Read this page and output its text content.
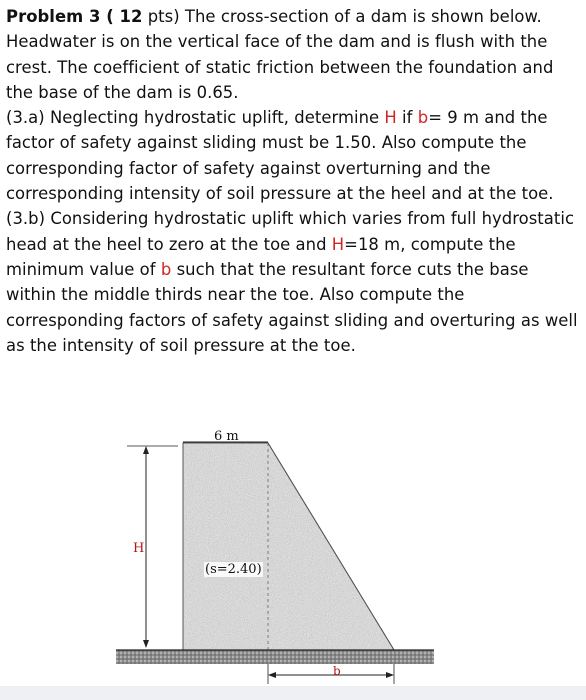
Problem 3 ( 12 pts) The cross-section of a dam is shown below. Headwater is on the vertical face of the dam and is flush with the crest. The coefficient of static friction between the foundation and the base of the dam is 0.65.

(3.a) Neglecting hydrostatic uplift, determine H if b= 9 m and the factor of safety against sliding must be 1.50. Also compute the corresponding factor of safety against overturning and the corresponding intensity of soil pressure at the heel and at the toe.

(3.b) Considering hydrostatic uplift which varies from full hydrostatic head at the heel to zero at the toe and H=18 m, compute the minimum value of b such that the resultant force cuts the base within the middle thirds near the toe. Also compute the corresponding factors of safety against sliding and overturing as well as the intensity of soil pressure at the toe.

6 m
H
(s=2.40)
b
